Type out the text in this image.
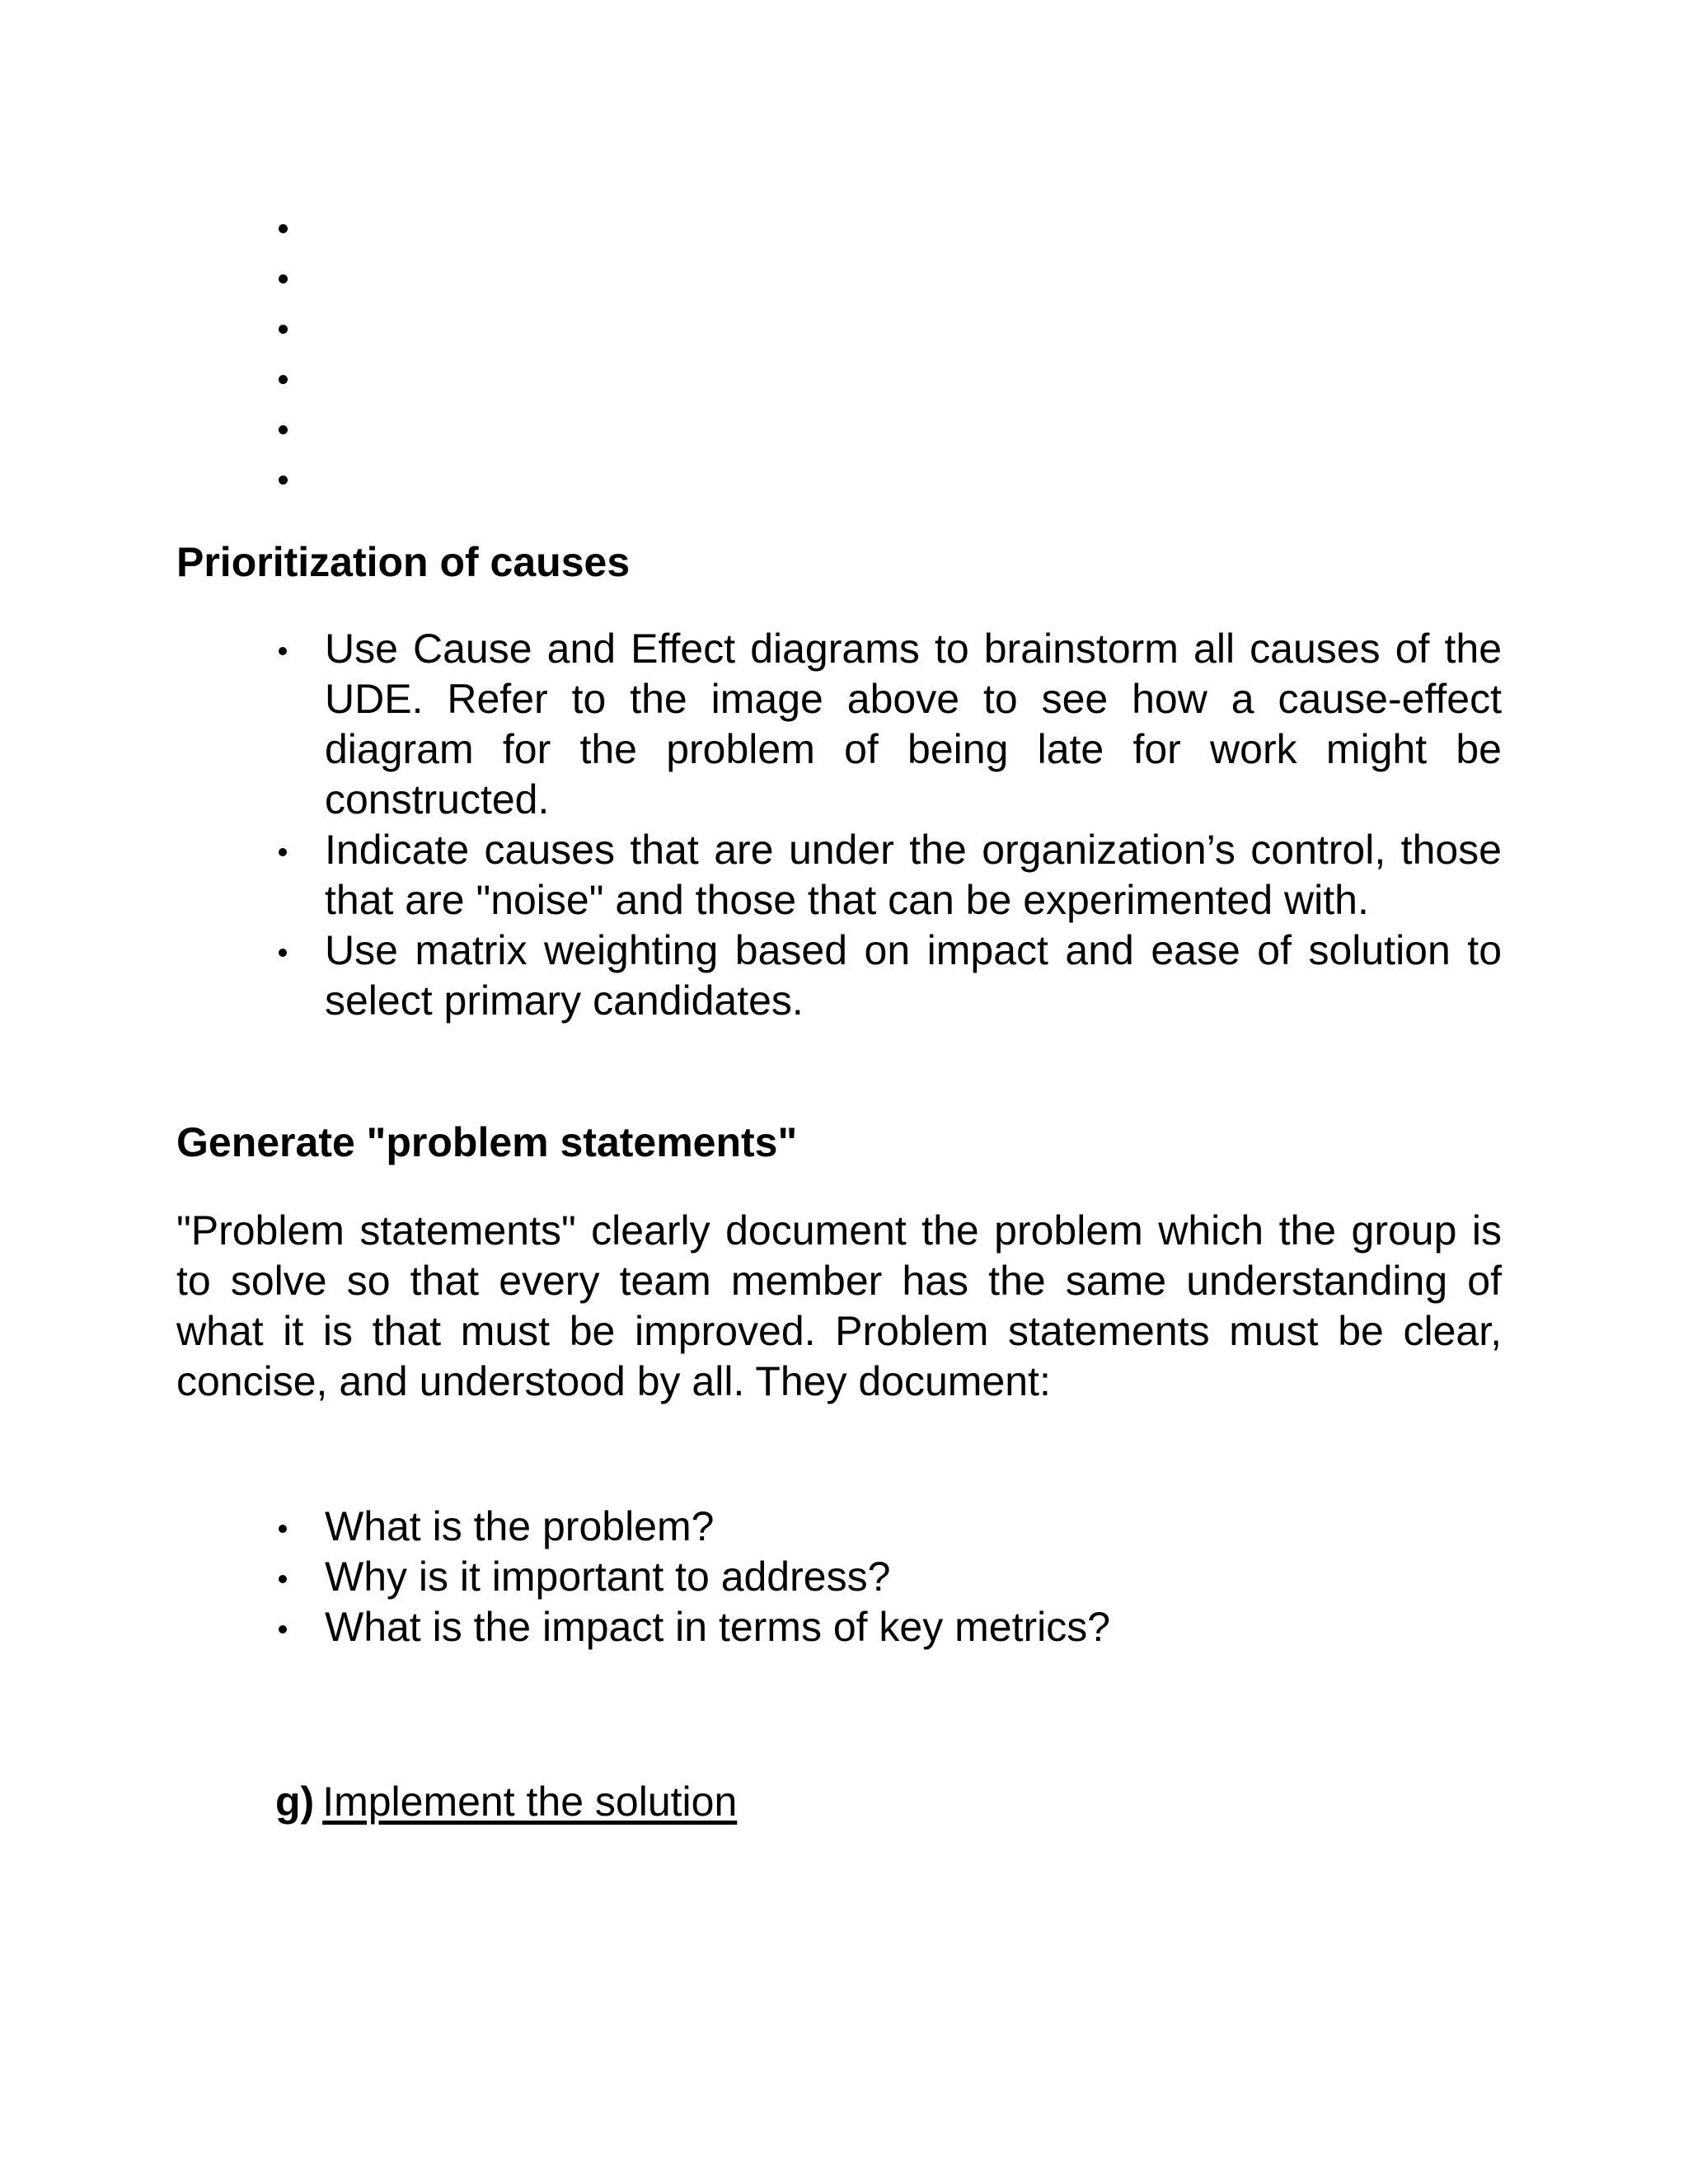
Prioritization of causes
Use Cause and Effect diagrams to brainstorm all causes of the UDE. Refer to the image above to see how a cause-effect diagram for the problem of being late for work might be constructed.
Indicate causes that are under the organization’s control, those that are "noise" and those that can be experimented with.
Use matrix weighting based on impact and ease of solution to select primary candidates.
Generate "problem statements"

"Problem statements" clearly document the problem which the group is to solve so that every team member has the same understanding of what it is that must be improved. Problem statements must be clear, concise, and understood by all. They document:

What is the problem?
Why is it important to address?
What is the impact in terms of key metrics?
g) Implement the solution
